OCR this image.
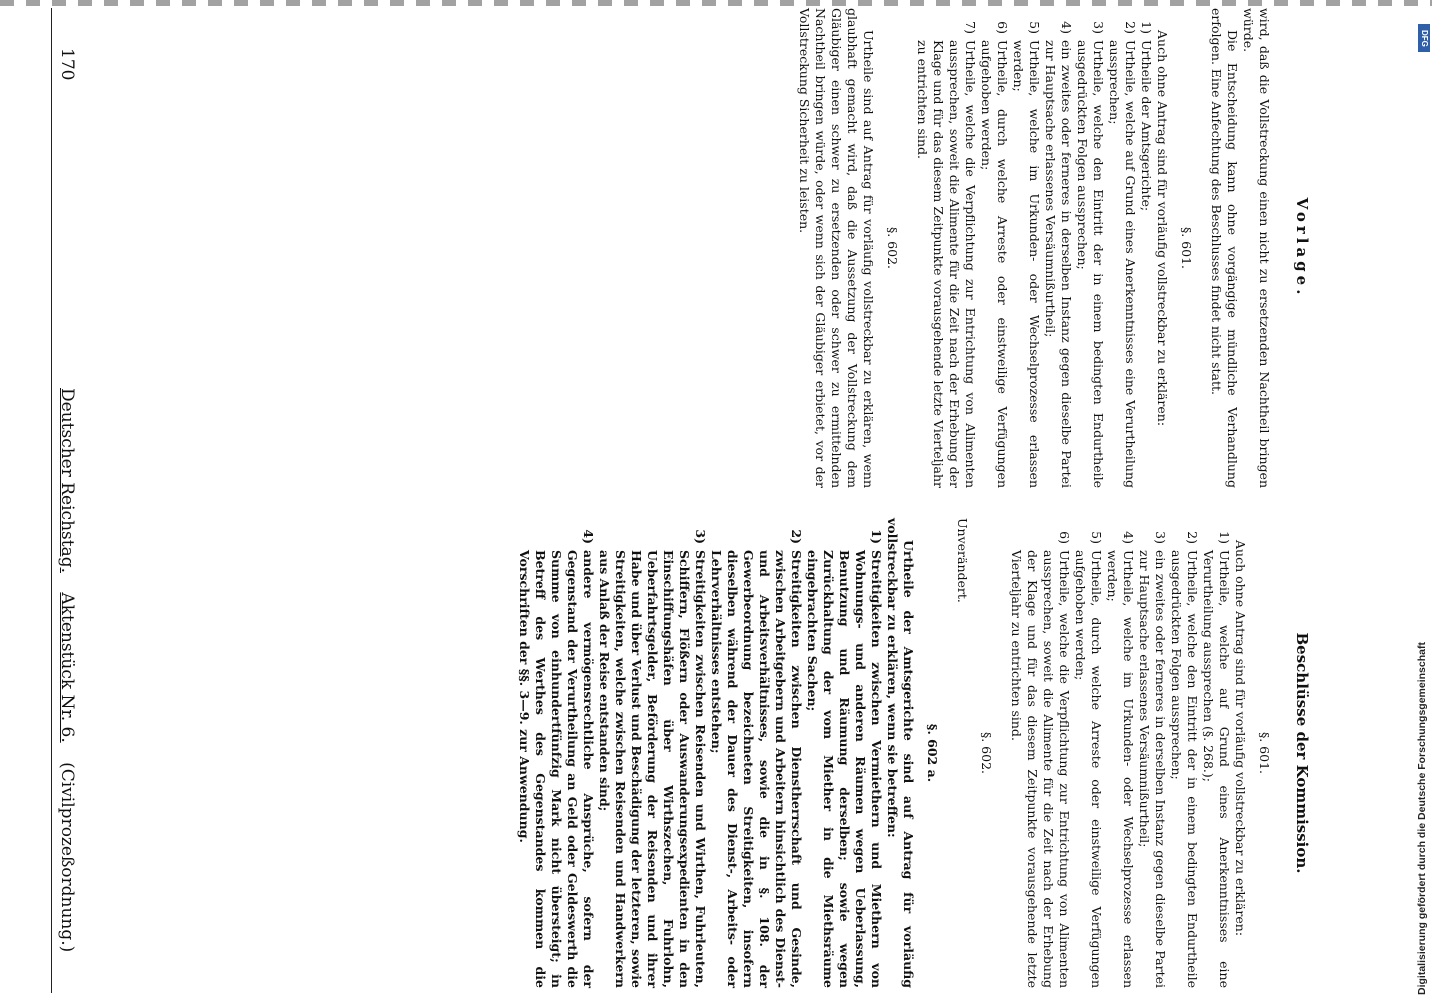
Digitalisierung gefördert durch die Deutsche Forschungsgemeinschaft
DFG
170
Deutscher Reichstag. Aktenstück Nr. 6. (Civilprozeßordnung.)
Vorlage.

wird, daß die Vollstreckung einen nicht zu ersetzenden Nachtheil bringen würde.

Die Entscheidung kann ohne vorgängige mündliche Verhandlung erfolgen. Eine Anfechtung des Beschlusses findet nicht statt.

§. 601.

Auch ohne Antrag sind für vorläufig vollstreckbar zu erklären:

1)
Urtheile der Amtsgerichte;
2)
Urtheile, welche auf Grund eines Anerkenntnisses eine Verurtheilung aussprechen;
3)
Urtheile, welche den Eintritt der in einem bedingten Endurtheile ausgedrückten Folgen aussprechen;
4)
ein zweites oder ferneres in derselben Instanz gegen dieselbe Partei zur Hauptsache erlassenes Versäumnißurtheil;
5)
Urtheile, welche im Urkunden- oder Wechselprozesse erlassen werden;
6)
Urtheile, durch welche Arreste oder einstweilige Verfügungen aufgehoben werden;
7)
Urtheile, welche die Verpflichtung zur Entrichtung von Alimenten aussprechen, soweit die Alimente für die Zeit nach der Erhebung der Klage und für das diesem Zeitpunkte vorausgehende letzte Vierteljahr zu entrichten sind.
§. 602.

Urtheile sind auf Antrag für vorläufig vollstreckbar zu erklären, wenn glaubhaft gemacht wird, daß die Aussetzung der Vollstreckung dem Gläubiger einen schwer zu ersetzenden oder schwer zu ermittelnden Nachtheil bringen würde, oder wenn sich der Gläubiger erbietet, vor der Vollstreckung Sicherheit zu leisten.

Beschlüsse der Kommission.
§. 601.

Auch ohne Antrag sind für vorläufig vollstreckbar zu erklären:

1)
Urtheile, welche auf Grund eines Anerkenntnisses eine Verurtheilung aussprechen (§. 268.);
2)
Urtheile, welche den Eintritt der in einem bedingten Endurtheile ausgedrückten Folgen aussprechen;
3)
ein zweites oder ferneres in derselben Instanz gegen dieselbe Partei zur Hauptsache erlassenes Versäumnißurtheil;
4)
Urtheile, welche im Urkunden- oder Wechselprozesse erlassen werden;
5)
Urtheile, durch welche Arreste oder einstweilige Verfügungen aufgehoben werden;
6)
Urtheile, welche die Verpflichtung zur Entrichtung von Alimenten aussprechen, soweit die Alimente für die Zeit nach der Erhebung der Klage und für das diesem Zeitpunkte vorausgehende letzte Vierteljahr zu entrichten sind.
§. 602.

Unverändert.

§. 602 a.

Urtheile der Amtsgerichte sind auf Antrag für vorläufig vollstreckbar zu erklären, wenn sie betreffen:

1)
Streitigkeiten zwischen Vermiethern und Miethern von Wohnungs- und anderen Räumen wegen Ueberlassung, Benutzung und Räumung derselben; sowie wegen Zurückhaltung der vom Miether in die Miethsräume eingebrachten Sachen;
2)
Streitigkeiten zwischen Dienstherrschaft und Gesinde, zwischen Arbeitgebern und Arbeitern hinsichtlich des Dienst- und Arbeitsverhältnisses, sowie die in §. 108. der Gewerbeordnung bezeichneten Streitigkeiten, insofern dieselben während der Dauer des Dienst-, Arbeits- oder Lehrverhältnisses entstehen;
3)
Streitigkeiten zwischen Reisenden und Wirthen, Fuhrleuten, Schiffern, Flößern oder Auswanderungsexpedienten in den Einschiffungshäfen über Wirthszechen, Fuhrlohn, Ueberfahrtsgelder, Beförderung der Reisenden und ihrer Habe und über Verlust und Beschädigung der letzteren, sowie Streitigkeiten, welche zwischen Reisenden und Handwerkern aus Anlaß der Reise entstanden sind;
4)
andere vermögensrechtliche Ansprüche, sofern der Gegenstand der Verurtheilung an Geld oder Geldeswerth die Summe von einhundertfünfzig Mark nicht übersteigt; in Betreff des Werthes des Gegenstandes kommen die Vorschriften der §§. 3—9. zur Anwendung.
